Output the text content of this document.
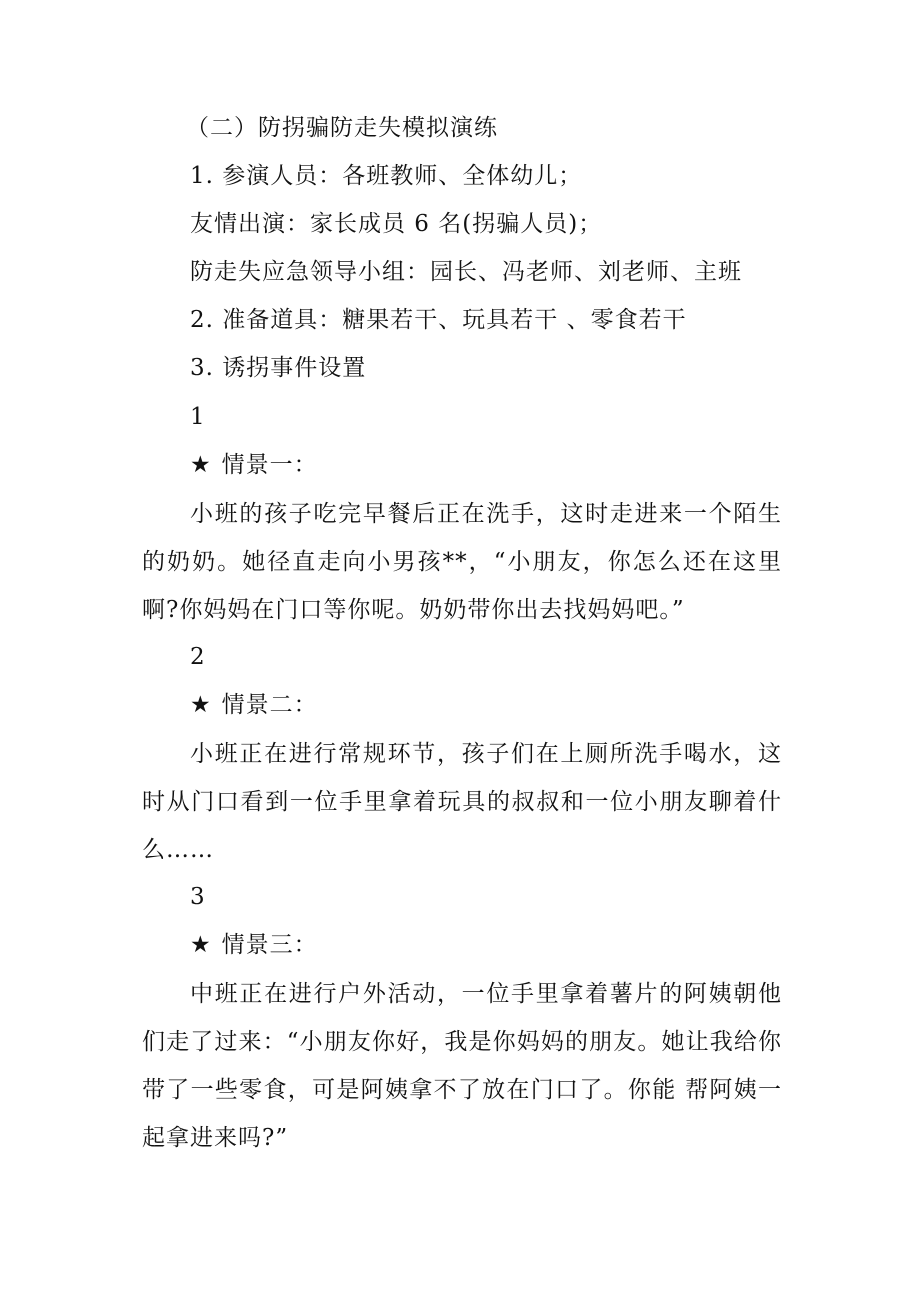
（二）防拐骗防走失模拟演练
1. 参演人员：各班教师、全体幼儿；
友情出演：家长成员 6 名(拐骗人员)；
防走失应急领导小组：园长、冯老师、刘老师、主班
2. 准备道具：糖果若干、玩具若干 、零食若干
3. 诱拐事件设置
1
★ 情景一：
小班的孩子吃完早餐后正在洗手，这时走进来一个陌生的奶奶。她径直走向小男孩**，“小朋友，你怎么还在这里啊?你妈妈在门口等你呢。奶奶带你出去找妈妈吧。”
2
★ 情景二：
小班正在进行常规环节，孩子们在上厕所洗手喝水，这时从门口看到一位手里拿着玩具的叔叔和一位小朋友聊着什么……
3
★ 情景三：
中班正在进行户外活动，一位手里拿着薯片的阿姨朝他们走了过来：“小朋友你好，我是你妈妈的朋友。她让我给你带了一些零食，可是阿姨拿不了放在门口了。你能 帮阿姨一起拿进来吗?”
